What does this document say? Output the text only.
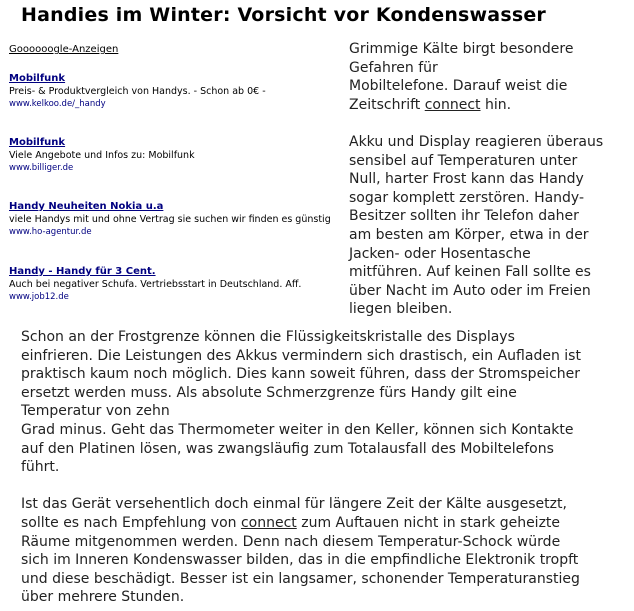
Handies im Winter: Vorsicht vor Kondenswasser
Goooooogle-Anzeigen
Mobilfunk
Preis- & Produktvergleich von Handys. - Schon ab 0€ -
www.kelkoo.de/_handy
Mobilfunk
Viele Angebote und Infos zu: Mobilfunk
www.billiger.de
Handy Neuheiten Nokia u.a
viele Handys mit und ohne Vertrag sie suchen wir finden es günstig
www.ho-agentur.de
Handy - Handy für 3 Cent.
Auch bei negativer Schufa. Vertriebsstart in Deutschland. Aff.
www.job12.de
Grimmige Kälte birgt besondere
Gefahren für
Mobiltelefone. Darauf weist die
Zeitschrift connect hin.
Akku und Display reagieren überaus
sensibel auf Temperaturen unter
Null, harter Frost kann das Handy
sogar komplett zerstören. Handy-
Besitzer sollten ihr Telefon daher
am besten am Körper, etwa in der
Jacken- oder Hosentasche
mitführen. Auf keinen Fall sollte es
über Nacht im Auto oder im Freien
liegen bleiben.
Schon an der Frostgrenze können die Flüssigkeitskristalle des Displays
einfrieren. Die Leistungen des Akkus vermindern sich drastisch, ein Aufladen ist
praktisch kaum noch möglich. Dies kann soweit führen, dass der Stromspeicher
ersetzt werden muss. Als absolute Schmerzgrenze fürs Handy gilt eine
Temperatur von zehn
Grad minus. Geht das Thermometer weiter in den Keller, können sich Kontakte
auf den Platinen lösen, was zwangsläufig zum Totalausfall des Mobiltelefons
führt.
Ist das Gerät versehentlich doch einmal für längere Zeit der Kälte ausgesetzt,
sollte es nach Empfehlung von connect zum Auftauen nicht in stark geheizte
Räume mitgenommen werden. Denn nach diesem Temperatur-Schock würde
sich im Inneren Kondenswasser bilden, das in die empfindliche Elektronik tropft
und diese beschädigt. Besser ist ein langsamer, schonender Temperaturanstieg
über mehrere Stunden.
